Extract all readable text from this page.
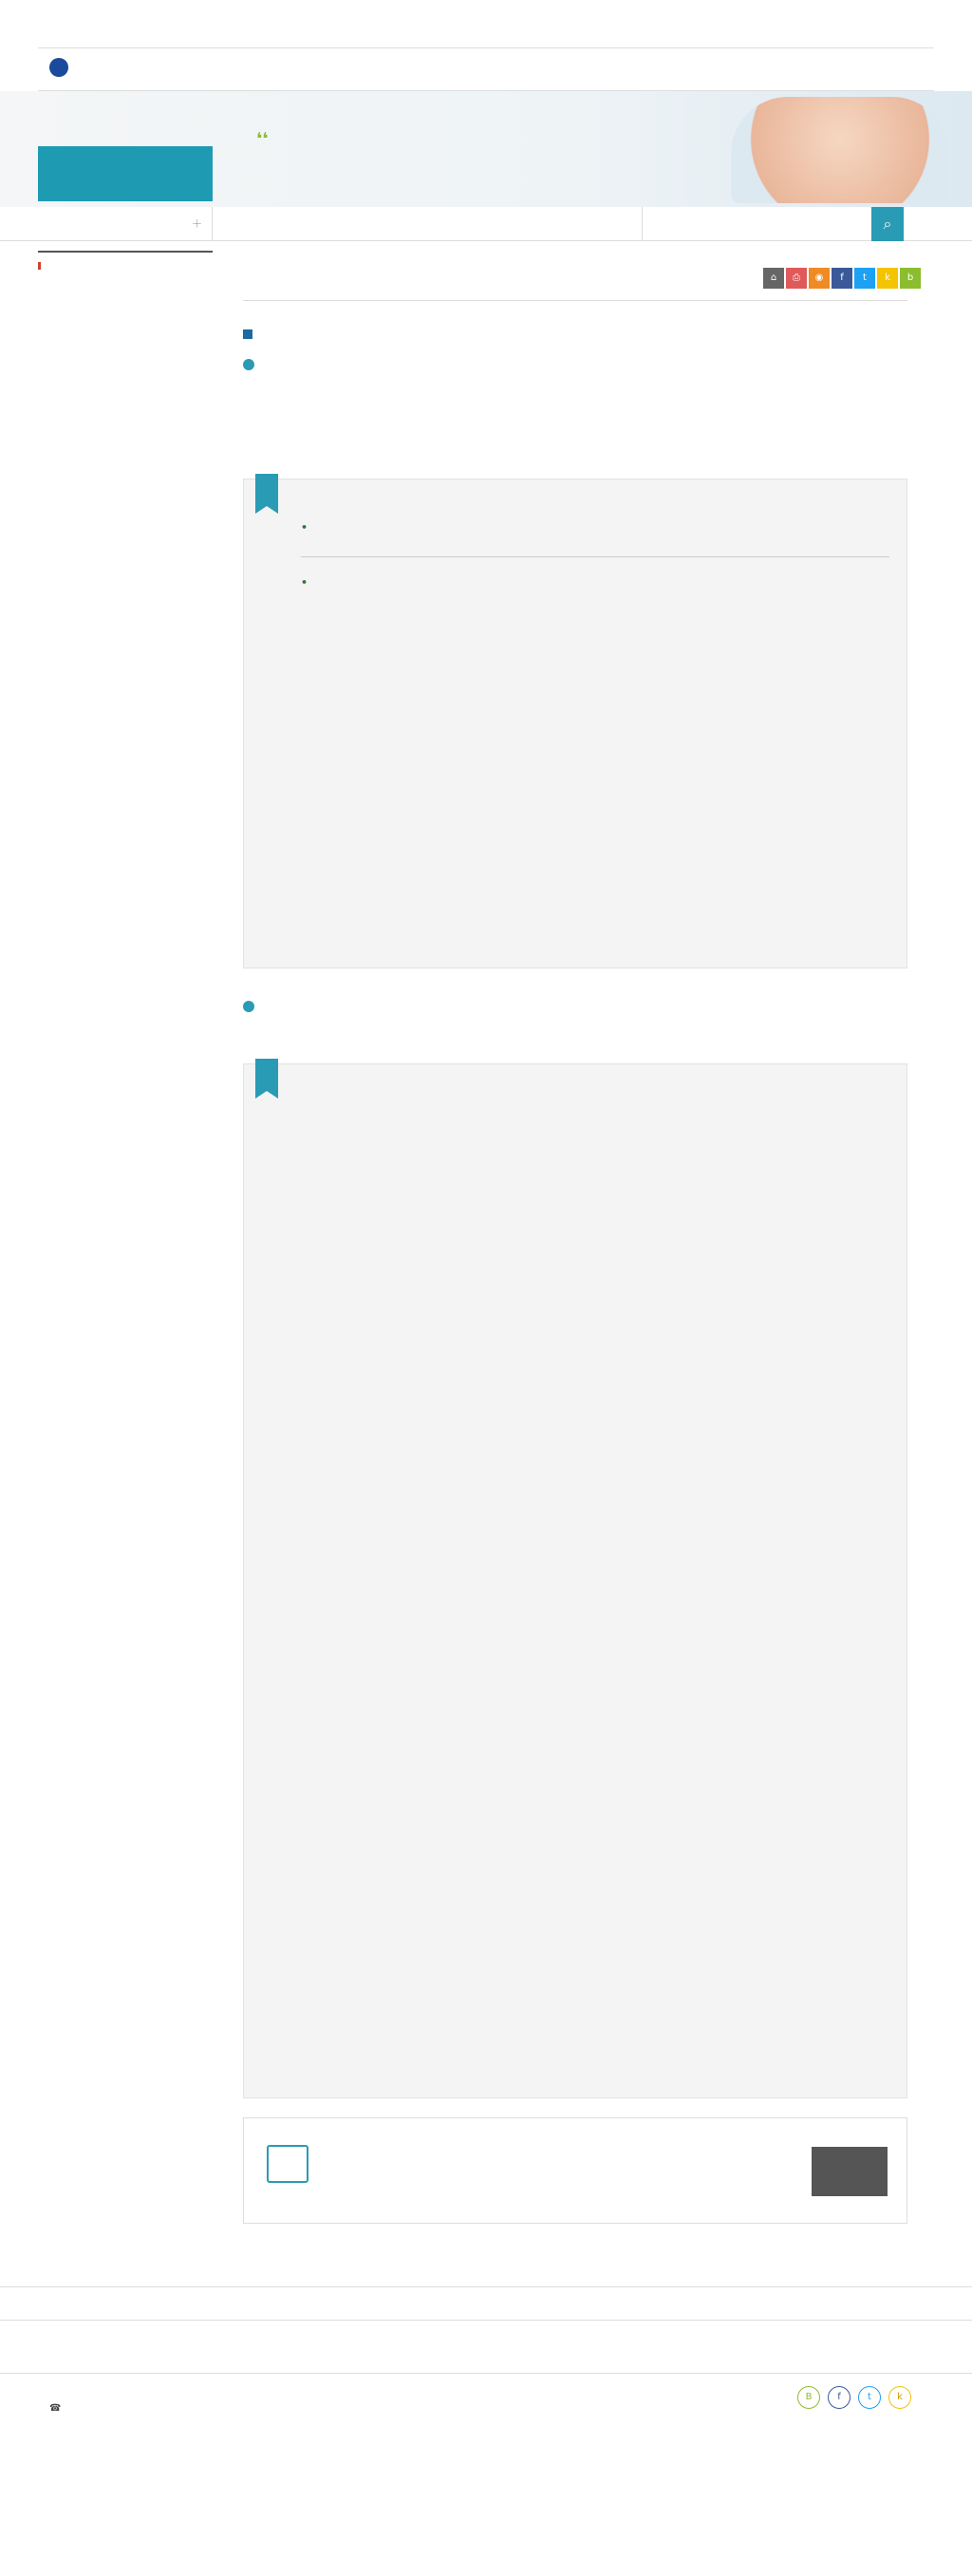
❛❛
＋	⌕
⌂	⎙	◉	f	t	k	b
•
•
☎
B	f	t	k
